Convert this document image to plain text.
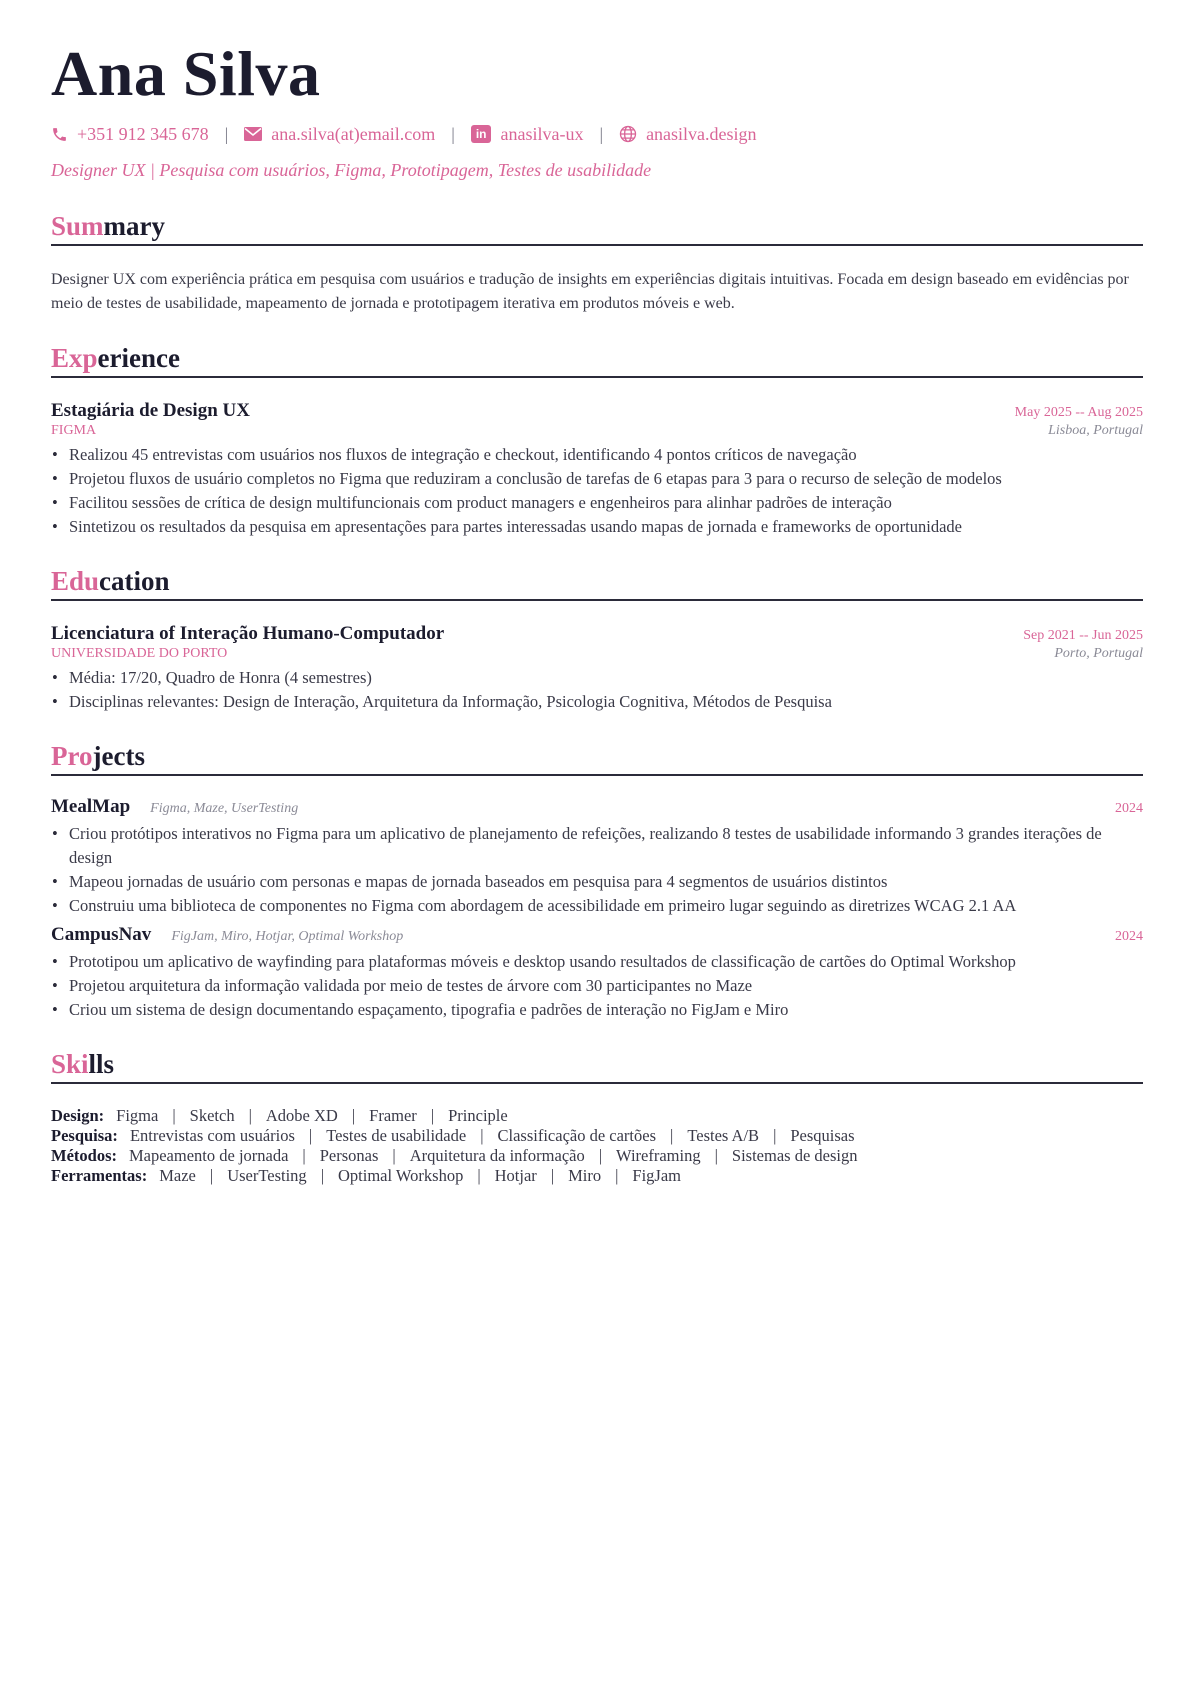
Ana Silva
+351 912 345 678 | ana.silva(at)email.com |	in anasilva-ux | anasilva.design
Designer UX | Pesquisa com usuários, Figma, Prototipagem, Testes de usabilidade
Summary
Designer UX com experiência prática em pesquisa com usuários e tradução de insights em experiências digitais intuitivas. Focada em design baseado em evidências por meio de testes de usabilidade, mapeamento de jornada e prototipagem iterativa em produtos móveis e web.
Experience
Estagiária de Design UX	May 2025 -- Aug 2025
FIGMA	Lisboa, Portugal
• Realizou 45 entrevistas com usuários nos fluxos de integração e checkout, identificando 4 pontos críticos de navegação
• Projetou fluxos de usuário completos no Figma que reduziram a conclusão de tarefas de 6 etapas para 3 para o recurso de seleção de modelos
• Facilitou sessões de crítica de design multifuncionais com product managers e engenheiros para alinhar padrões de interação
• Sintetizou os resultados da pesquisa em apresentações para partes interessadas usando mapas de jornada e frameworks de oportunidade
Education
Licenciatura of Interação Humano-Computador	Sep 2021 -- Jun 2025
UNIVERSIDADE DO PORTO	Porto, Portugal
• Média: 17/20, Quadro de Honra (4 semestres)
• Disciplinas relevantes: Design de Interação, Arquitetura da Informação, Psicologia Cognitiva, Métodos de Pesquisa
Projects
MealMap Figma, Maze, UserTesting	2024
• Criou protótipos interativos no Figma para um aplicativo de planejamento de refeições, realizando 8 testes de usabilidade informando 3 grandes iterações de design
• Mapeou jornadas de usuário com personas e mapas de jornada baseados em pesquisa para 4 segmentos de usuários distintos
• Construiu uma biblioteca de componentes no Figma com abordagem de acessibilidade em primeiro lugar seguindo as diretrizes WCAG 2.1 AA
CampusNav FigJam, Miro, Hotjar, Optimal Workshop	2024
• Prototipou um aplicativo de wayfinding para plataformas móveis e desktop usando resultados de classificação de cartões do Optimal Workshop
• Projetou arquitetura da informação validada por meio de testes de árvore com 30 participantes no Maze
• Criou um sistema de design documentando espaçamento, tipografia e padrões de interação no FigJam e Miro
Skills
Design: Figma | Sketch | Adobe XD | Framer | Principle
Pesquisa: Entrevistas com usuários | Testes de usabilidade | Classificação de cartões | Testes A/B | Pesquisas
Métodos: Mapeamento de jornada | Personas | Arquitetura da informação | Wireframing | Sistemas de design
Ferramentas: Maze | UserTesting | Optimal Workshop | Hotjar | Miro | FigJam
